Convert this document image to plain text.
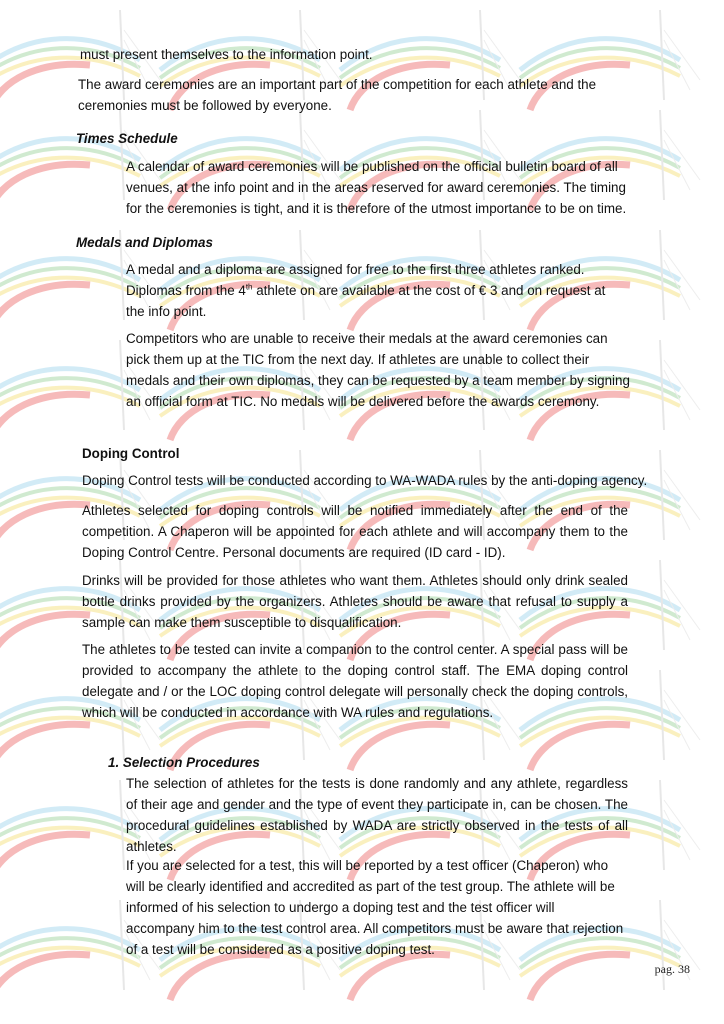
must present themselves to the information point.

The award ceremonies are an important part of the competition for each athlete and the ceremonies must be followed by everyone.

Times Schedule

A calendar of award ceremonies will be published on the official bulletin board of all venues, at the info point and in the areas reserved for award ceremonies. The timing for the ceremonies is tight, and it is therefore of the utmost importance to be on time.

Medals and Diplomas

A medal and a diploma are assigned for free to the first three athletes ranked. Diplomas from the 4th athlete on are available at the cost of € 3 and on request at the info point.

Competitors who are unable to receive their medals at the award ceremonies can pick them up at the TIC from the next day. If athletes are unable to collect their medals and their own diplomas, they can be requested by a team member by signing an official form at TIC. No medals will be delivered before the awards ceremony.

Doping Control

Doping Control tests will be conducted according to WA-WADA rules by the anti-doping agency.

Athletes selected for doping controls will be notified immediately after the end of the competition. A Chaperon will be appointed for each athlete and will accompany them to the Doping Control Centre. Personal documents are required (ID card - ID).

Drinks will be provided for those athletes who want them. Athletes should only drink sealed bottle drinks provided by the organizers. Athletes should be aware that refusal to supply a sample can make them susceptible to disqualification.

The athletes to be tested can invite a companion to the control center. A special pass will be provided to accompany the athlete to the doping control staff. The EMA doping control delegate and / or the LOC doping control delegate will personally check the doping controls, which will be conducted in accordance with WA rules and regulations.

1. Selection Procedures

The selection of athletes for the tests is done randomly and any athlete, regardless of their age and gender and the type of event they participate in, can be chosen. The procedural guidelines established by WADA are strictly observed in the tests of all athletes.

If you are selected for a test, this will be reported by a test officer (Chaperon) who will be clearly identified and accredited as part of the test group. The athlete will be informed of his selection to undergo a doping test and the test officer will accompany him to the test control area. All competitors must be aware that rejection of a test will be considered as a positive doping test.

pag. 38
